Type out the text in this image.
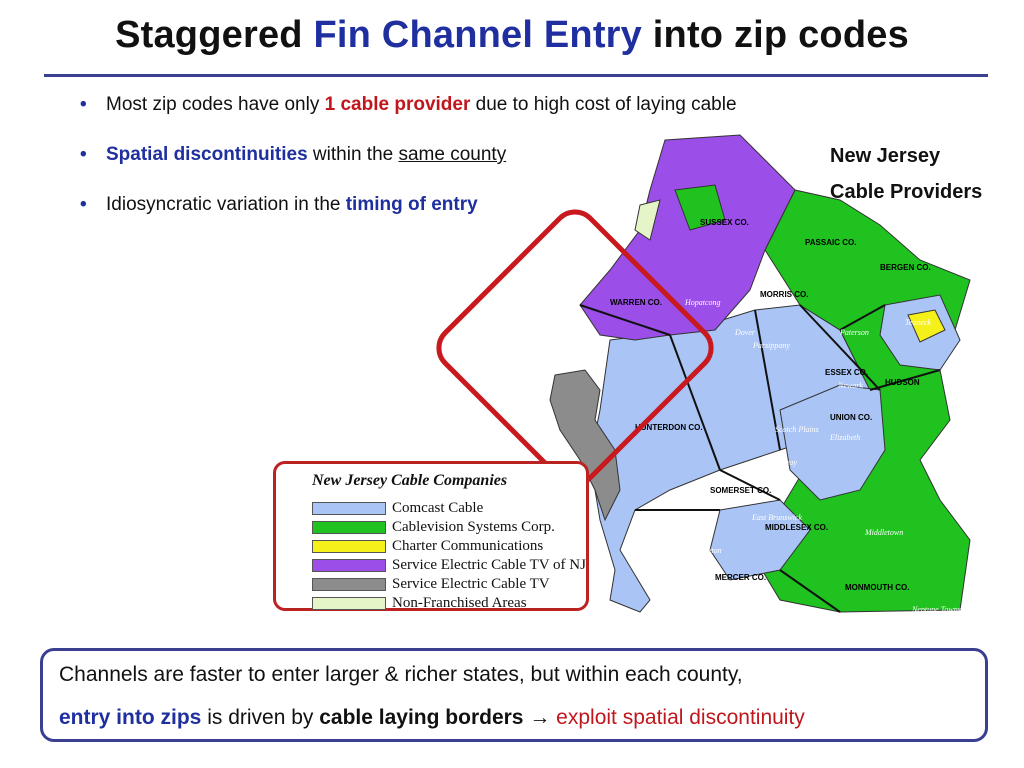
Staggered Fin Channel Entry into zip codes
• Most zip codes have only 1 cable provider due to high cost of laying cable
• Spatial discontinuities within the same county
• Idiosyncratic variation in the timing of entry
SUSSEX CO.
PASSAIC CO.
BERGEN CO.
WARREN CO.
MORRIS CO.
ESSEX CO.
HUDSON
UNION CO.
HUNTERDON CO.
SOMERSET CO.
MIDDLESEX CO.
MERCER CO.
MONMOUTH CO.
Hopatcong
Dover
Parsippany
Paterson
Teaneck
Newark
Elizabeth
Scotch Plains
Piscataway
East Brunswick
Princeton
Trenton
Middletown
Neptune Township
New Jersey
Cable Providers
New Jersey Cable Companies
Comcast Cable
Cablevision Systems Corp.
Charter Communications
Service Electric Cable TV of NJ
Service Electric Cable TV
Non-Franchised Areas
Channels are faster to enter larger & richer states, but within each county,
entry into zips is driven by cable laying borders → exploit spatial discontinuity
